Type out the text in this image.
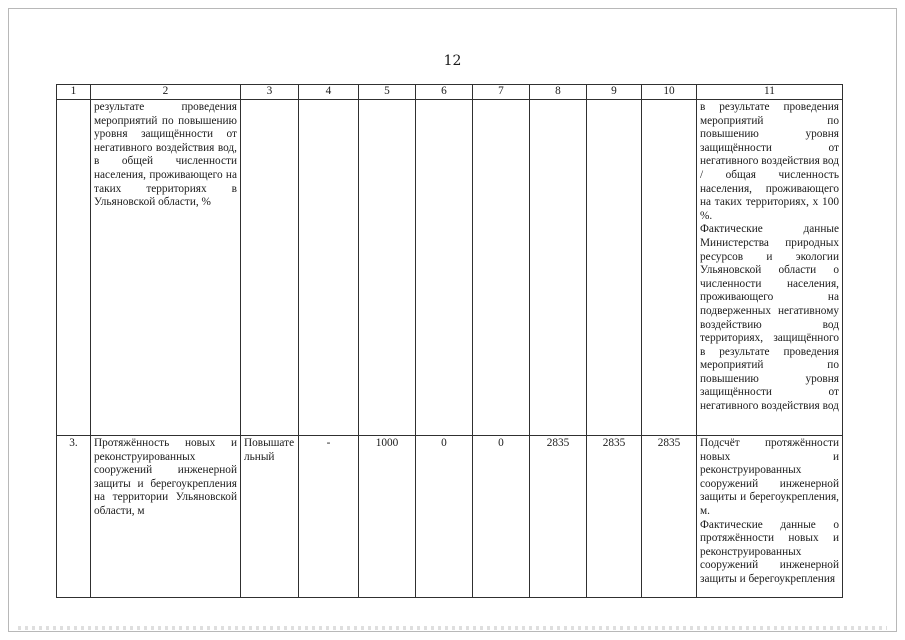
12
1	2	3	4	5	6	7	8	9	10	11
	результате проведения мероприятий по повышению уровня защищённости от негативного воздействия вод, в общей численности населения, проживающего на таких территориях в Ульяновской области, %									в результате проведения мероприятий по повышению уровня защищённости от негативного воздействия вод / общая численность населения, проживающего на таких территориях, х 100 %.
Фактические данные Министерства природных ресурсов и экологии Ульяновской области о численности населения, проживающего на подверженных негативному воздействию вод территориях, защищённого в результате проведения мероприятий по повышению уровня защищённости от негативного воздействия вод

3.	Протяжённость новых и реконструированных сооружений инженерной защиты и берегоукрепления на территории Ульяновской области, м	Повышательный	-	1000	0	0	2835	2835	2835	Подсчёт протяжённости новых и реконструированных сооружений инженерной защиты и берегоукрепления, м.
Фактические данные о протяжённости новых и реконструированных сооружений инженерной защиты и берегоукрепления
